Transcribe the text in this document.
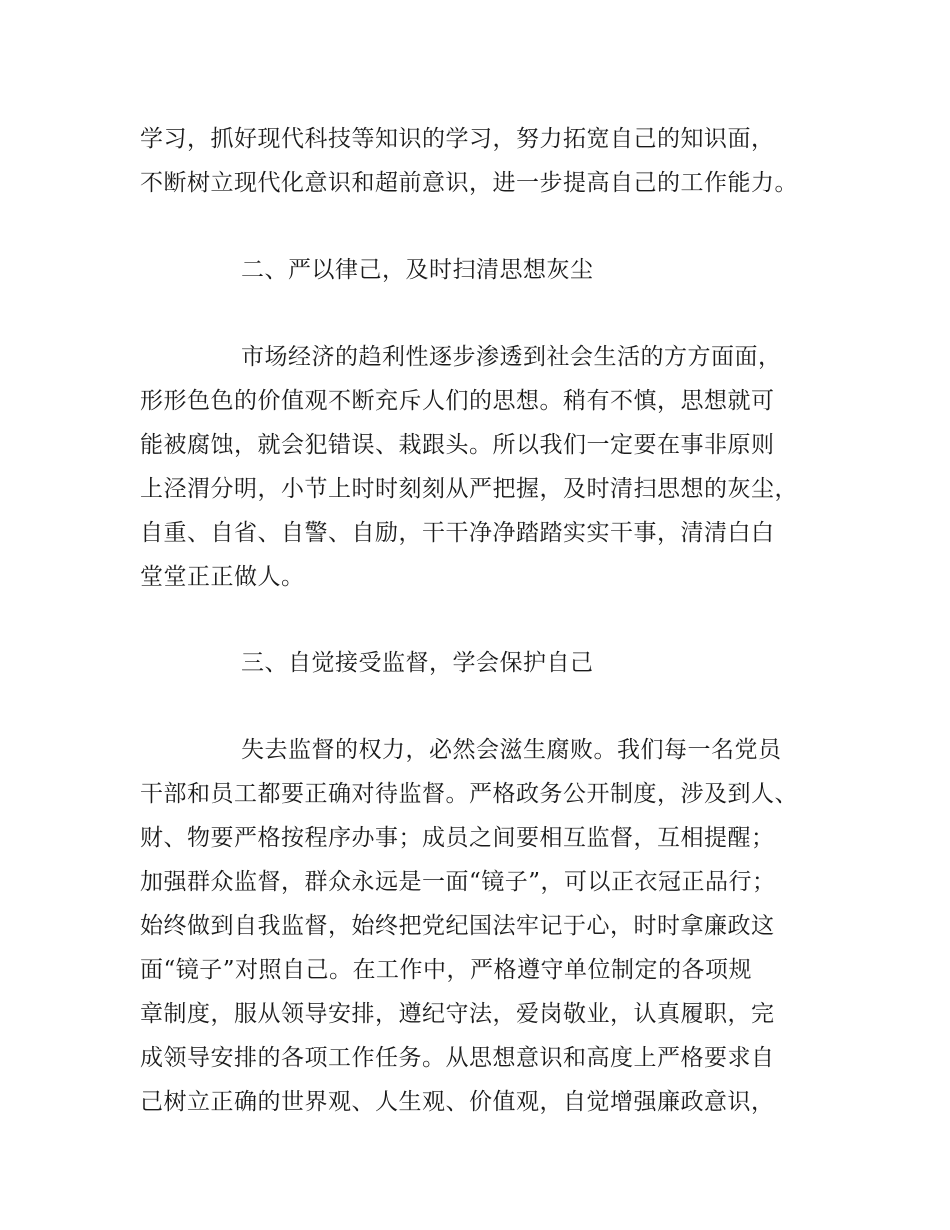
学习，抓好现代科技等知识的学习，努力拓宽自己的知识面，
不断树立现代化意识和超前意识，进一步提高自己的工作能力。
二、严以律己，及时扫清思想灰尘
市场经济的趋利性逐步渗透到社会生活的方方面面，
形形色色的价值观不断充斥人们的思想。稍有不慎，思想就可
能被腐蚀，就会犯错误、栽跟头。所以我们一定要在事非原则
上泾渭分明，小节上时时刻刻从严把握，及时清扫思想的灰尘，
自重、自省、自警、自励，干干净净踏踏实实干事，清清白白
堂堂正正做人。
三、自觉接受监督，学会保护自己
失去监督的权力，必然会滋生腐败。我们每一名党员
干部和员工都要正确对待监督。严格政务公开制度，涉及到人、
财、物要严格按程序办事；成员之间要相互监督，互相提醒；
加强群众监督，群众永远是一面“镜子”，可以正衣冠正品行；
始终做到自我监督，始终把党纪国法牢记于心，时时拿廉政这
面“镜子”对照自己。在工作中，严格遵守单位制定的各项规
章制度，服从领导安排，遵纪守法，爱岗敬业，认真履职，完
成领导安排的各项工作任务。从思想意识和高度上严格要求自
己树立正确的世界观、人生观、价值观，自觉增强廉政意识，
